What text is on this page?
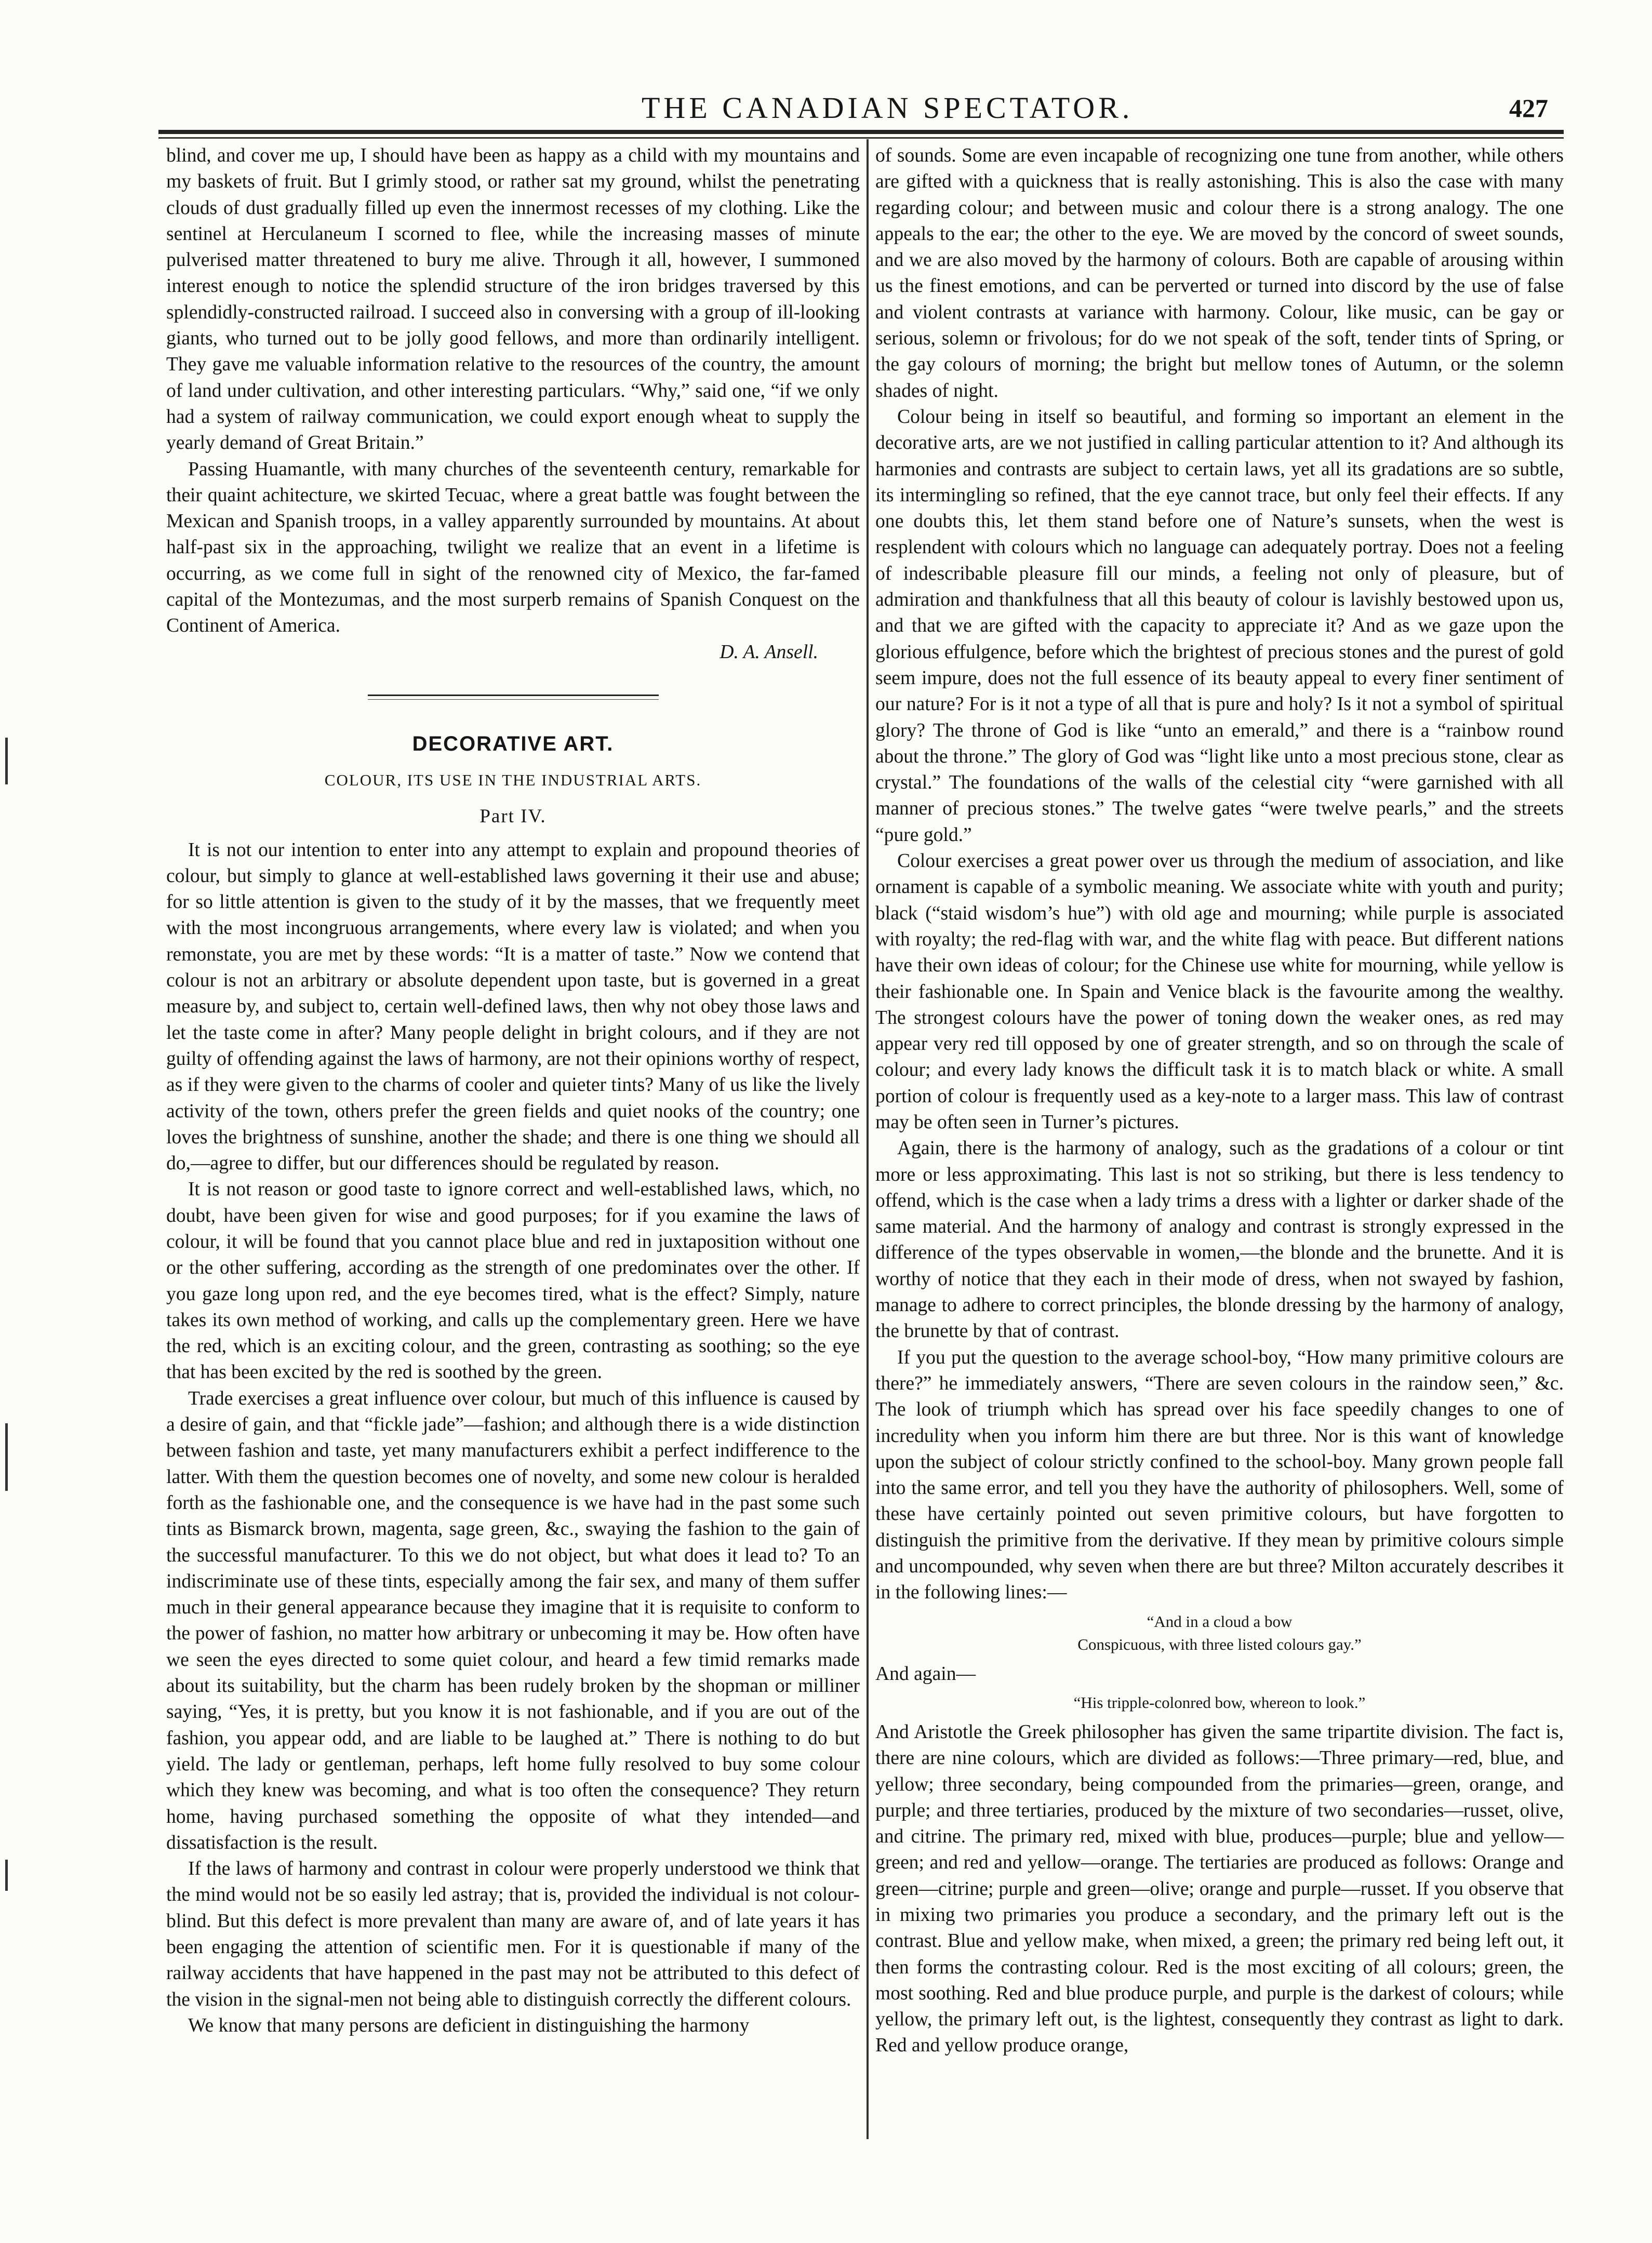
THE CANADIAN SPECTATOR.	427

blind, and cover me up, I should have been as happy as a child with my mountains and my baskets of fruit. But I grimly stood, or rather sat my ground, whilst the penetrating clouds of dust gradually filled up even the innermost recesses of my clothing. Like the sentinel at Herculaneum I scorned to flee, while the increasing masses of minute pulverised matter threatened to bury me alive. Through it all, however, I summoned interest enough to notice the splendid structure of the iron bridges traversed by this splendidly-constructed railroad. I succeed also in conversing with a group of ill-looking giants, who turned out to be jolly good fellows, and more than ordinarily intelligent. They gave me valuable information relative to the resources of the country, the amount of land under cultivation, and other interesting particulars. “Why,” said one, “if we only had a system of railway communication, we could export enough wheat to supply the yearly demand of Great Britain.”

Passing Huamantle, with many churches of the seventeenth century, remarkable for their quaint achitecture, we skirted Tecuac, where a great battle was fought between the Mexican and Spanish troops, in a valley apparently surrounded by mountains. At about half-past six in the approaching, twilight we realize that an event in a lifetime is occurring, as we come full in sight of the renowned city of Mexico, the far-famed capital of the Montezumas, and the most surperb remains of Spanish Conquest on the Continent of America.

D. A. Ansell.
DECORATIVE ART.
COLOUR, ITS USE IN THE INDUSTRIAL ARTS.
Part IV.

It is not our intention to enter into any attempt to explain and propound theories of colour, but simply to glance at well-established laws governing it their use and abuse; for so little attention is given to the study of it by the masses, that we frequently meet with the most incongruous arrangements, where every law is violated; and when you remonstate, you are met by these words: “It is a matter of taste.” Now we contend that colour is not an arbitrary or absolute dependent upon taste, but is governed in a great measure by, and subject to, certain well-defined laws, then why not obey those laws and let the taste come in after? Many people delight in bright colours, and if they are not guilty of offending against the laws of harmony, are not their opinions worthy of respect, as if they were given to the charms of cooler and quieter tints? Many of us like the lively activity of the town, others prefer the green fields and quiet nooks of the country; one loves the brightness of sunshine, another the shade; and there is one thing we should all do,—agree to differ, but our differences should be regulated by reason.

It is not reason or good taste to ignore correct and well-established laws, which, no doubt, have been given for wise and good purposes; for if you examine the laws of colour, it will be found that you cannot place blue and red in juxtaposition without one or the other suffering, according as the strength of one predominates over the other. If you gaze long upon red, and the eye becomes tired, what is the effect? Simply, nature takes its own method of working, and calls up the complementary green. Here we have the red, which is an exciting colour, and the green, contrasting as soothing; so the eye that has been excited by the red is soothed by the green.

Trade exercises a great influence over colour, but much of this influence is caused by a desire of gain, and that “fickle jade”—fashion; and although there is a wide distinction between fashion and taste, yet many manufacturers exhibit a perfect indifference to the latter. With them the question becomes one of novelty, and some new colour is heralded forth as the fashionable one, and the consequence is we have had in the past some such tints as Bismarck brown, magenta, sage green, &c., swaying the fashion to the gain of the successful manufacturer. To this we do not object, but what does it lead to? To an indiscriminate use of these tints, especially among the fair sex, and many of them suffer much in their general appearance because they imagine that it is requisite to conform to the power of fashion, no matter how arbitrary or unbecoming it may be. How often have we seen the eyes directed to some quiet colour, and heard a few timid remarks made about its suitability, but the charm has been rudely broken by the shopman or milliner saying, “Yes, it is pretty, but you know it is not fashionable, and if you are out of the fashion, you appear odd, and are liable to be laughed at.” There is nothing to do but yield. The lady or gentleman, perhaps, left home fully resolved to buy some colour which they knew was becoming, and what is too often the consequence? They return home, having purchased something the opposite of what they intended—and dissatisfaction is the result.

If the laws of harmony and contrast in colour were properly understood we think that the mind would not be so easily led astray; that is, provided the individual is not colour-blind. But this defect is more prevalent than many are aware of, and of late years it has been engaging the attention of scientific men. For it is questionable if many of the railway accidents that have happened in the past may not be attributed to this defect of the vision in the signal-men not being able to distinguish correctly the different colours.

We know that many persons are deficient in distinguishing the harmony

of sounds. Some are even incapable of recognizing one tune from another, while others are gifted with a quickness that is really astonishing. This is also the case with many regarding colour; and between music and colour there is a strong analogy. The one appeals to the ear; the other to the eye. We are moved by the concord of sweet sounds, and we are also moved by the harmony of colours. Both are capable of arousing within us the finest emotions, and can be perverted or turned into discord by the use of false and violent contrasts at variance with harmony. Colour, like music, can be gay or serious, solemn or frivolous; for do we not speak of the soft, tender tints of Spring, or the gay colours of morning; the bright but mellow tones of Autumn, or the solemn shades of night.

Colour being in itself so beautiful, and forming so important an element in the decorative arts, are we not justified in calling particular attention to it? And although its harmonies and contrasts are subject to certain laws, yet all its gradations are so subtle, its intermingling so refined, that the eye cannot trace, but only feel their effects. If any one doubts this, let them stand before one of Nature’s sunsets, when the west is resplendent with colours which no language can adequately portray. Does not a feeling of indescribable pleasure fill our minds, a feeling not only of pleasure, but of admiration and thankfulness that all this beauty of colour is lavishly bestowed upon us, and that we are gifted with the capacity to appreciate it? And as we gaze upon the glorious effulgence, before which the brightest of precious stones and the purest of gold seem impure, does not the full essence of its beauty appeal to every finer sentiment of our nature? For is it not a type of all that is pure and holy? Is it not a symbol of spiritual glory? The throne of God is like “unto an emerald,” and there is a “rainbow round about the throne.” The glory of God was “light like unto a most precious stone, clear as crystal.” The foundations of the walls of the celestial city “were garnished with all manner of precious stones.” The twelve gates “were twelve pearls,” and the streets “pure gold.”

Colour exercises a great power over us through the medium of association, and like ornament is capable of a symbolic meaning. We associate white with youth and purity; black (“staid wisdom’s hue”) with old age and mourning; while purple is associated with royalty; the red-flag with war, and the white flag with peace. But different nations have their own ideas of colour; for the Chinese use white for mourning, while yellow is their fashionable one. In Spain and Venice black is the favourite among the wealthy. The strongest colours have the power of toning down the weaker ones, as red may appear very red till opposed by one of greater strength, and so on through the scale of colour; and every lady knows the difficult task it is to match black or white. A small portion of colour is frequently used as a key-note to a larger mass. This law of contrast may be often seen in Turner’s pictures.

Again, there is the harmony of analogy, such as the gradations of a colour or tint more or less approximating. This last is not so striking, but there is less tendency to offend, which is the case when a lady trims a dress with a lighter or darker shade of the same material. And the harmony of analogy and contrast is strongly expressed in the difference of the types observable in women,—the blonde and the brunette. And it is worthy of notice that they each in their mode of dress, when not swayed by fashion, manage to adhere to correct principles, the blonde dressing by the harmony of analogy, the brunette by that of contrast.

If you put the question to the average school-boy, “How many primitive colours are there?” he immediately answers, “There are seven colours in the raindow seen,” &c. The look of triumph which has spread over his face speedily changes to one of incredulity when you inform him there are but three. Nor is this want of knowledge upon the subject of colour strictly confined to the school-boy. Many grown people fall into the same error, and tell you they have the authority of philosophers. Well, some of these have certainly pointed out seven primitive colours, but have forgotten to distinguish the primitive from the derivative. If they mean by primitive colours simple and uncompounded, why seven when there are but three? Milton accurately describes it in the following lines:—

“And in a cloud a bow
Conspicuous, with three listed colours gay.”

And again—

“His tripple-colonred bow, whereon to look.”

And Aristotle the Greek philosopher has given the same tripartite division. The fact is, there are nine colours, which are divided as follows:—Three primary—red, blue, and yellow; three secondary, being compounded from the primaries—green, orange, and purple; and three tertiaries, produced by the mixture of two secondaries—russet, olive, and citrine. The primary red, mixed with blue, produces—purple; blue and yellow—green; and red and yellow—orange. The tertiaries are produced as follows: Orange and green—citrine; purple and green—olive; orange and purple—russet. If you observe that in mixing two primaries you produce a secondary, and the primary left out is the contrast. Blue and yellow make, when mixed, a green; the primary red being left out, it then forms the contrasting colour. Red is the most exciting of all colours; green, the most soothing. Red and blue produce purple, and purple is the darkest of colours; while yellow, the primary left out, is the lightest, consequently they contrast as light to dark. Red and yellow produce orange,
